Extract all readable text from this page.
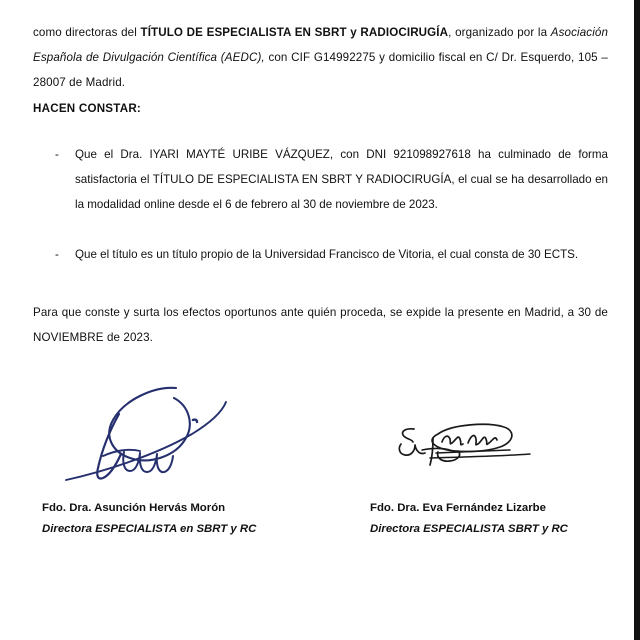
como directoras del TÍTULO DE ESPECIALISTA EN SBRT y RADIOCIRUGÍA, organizado por la Asociación Española de Divulgación Científica (AEDC), con CIF G14992275 y domicilio fiscal en C/ Dr. Esquerdo, 105 – 28007 de Madrid.

HACEN CONSTAR:
-	Que el Dra. IYARI MAYTÉ URIBE VÁZQUEZ, con DNI 921098927618 ha culminado de forma satisfactoria el TÍTULO DE ESPECIALISTA EN SBRT Y RADIOCIRUGÍA, el cual se ha desarrollado en la modalidad online desde el 6 de febrero al 30 de noviembre de 2023.
-	Que el título es un título propio de la Universidad Francisco de Vitoria, el cual consta de 30 ECTS.

Para que conste y surta los efectos oportunos ante quién proceda, se expide la presente en Madrid, a 30 de NOVIEMBRE de 2023.

Fdo. Dra. Asunción Hervás Morón
Directora ESPECIALISTA en SBRT y RC
Fdo. Dra. Eva Fernández Lizarbe
Directora ESPECIALISTA SBRT y RC
